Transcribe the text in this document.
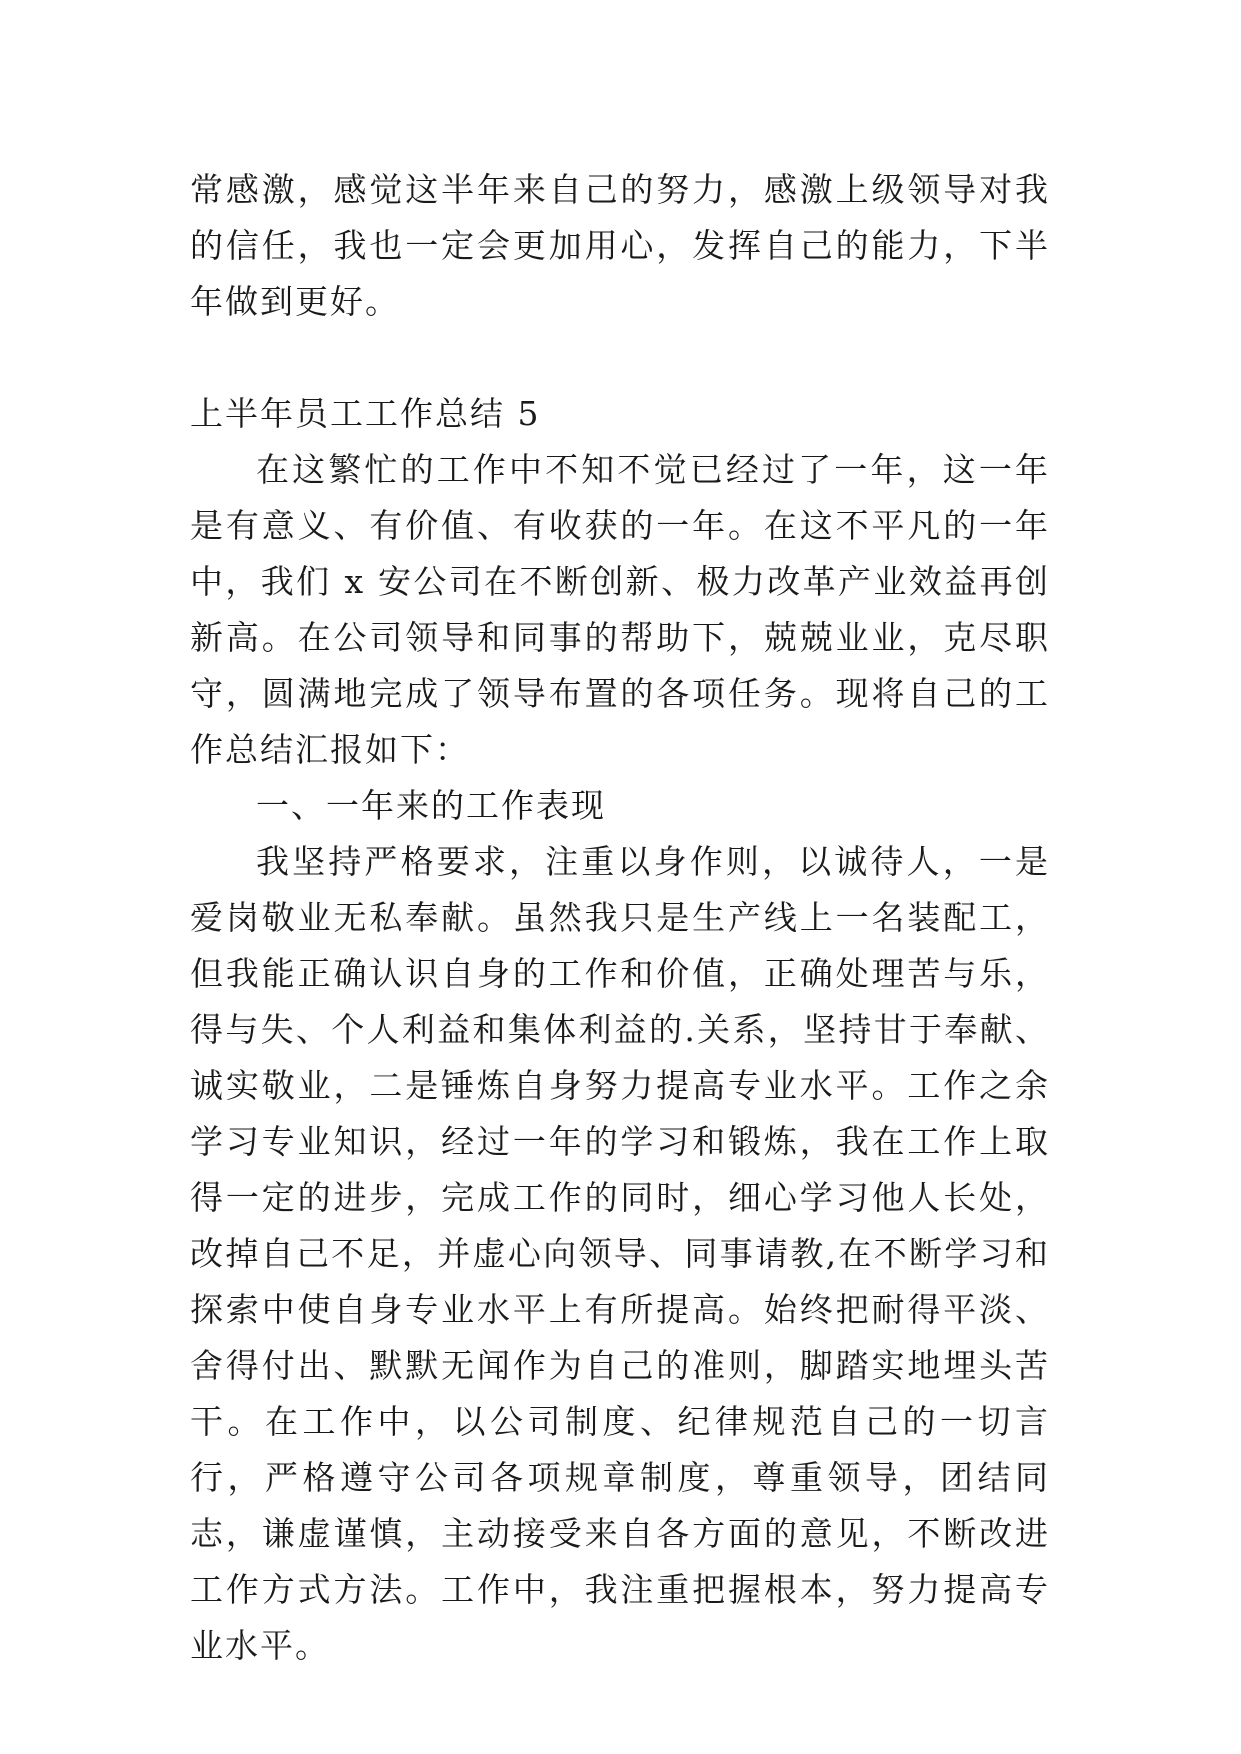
常感激，感觉这半年来自己的努力，感激上级领导对我的信任，我也一定会更加用心，发挥自己的能力，下半年做到更好。

上半年员工工作总结 5

在这繁忙的工作中不知不觉已经过了一年，这一年是有意义、有价值、有收获的一年。在这不平凡的一年中，我们 x 安公司在不断创新、极力改革产业效益再创新高。在公司领导和同事的帮助下，兢兢业业，克尽职守，圆满地完成了领导布置的各项任务。现将自己的工作总结汇报如下：

一、一年来的工作表现

我坚持严格要求，注重以身作则，以诚待人，一是爱岗敬业无私奉献。虽然我只是生产线上一名装配工，但我能正确认识自身的工作和价值，正确处理苦与乐，得与失、个人利益和集体利益的.关系，坚持甘于奉献、诚实敬业，二是锤炼自身努力提高专业水平。工作之余学习专业知识，经过一年的学习和锻炼，我在工作上取得一定的进步，完成工作的同时，细心学习他人长处，改掉自己不足，并虚心向领导、同事请教,在不断学习和探索中使自身专业水平上有所提高。始终把耐得平淡、舍得付出、默默无闻作为自己的准则，脚踏实地埋头苦干。在工作中，以公司制度、纪律规范自己的一切言行，严格遵守公司各项规章制度，尊重领导，团结同志，谦虚谨慎，主动接受来自各方面的意见，不断改进工作方式方法。工作中，我注重把握根本，努力提高专业水平。
